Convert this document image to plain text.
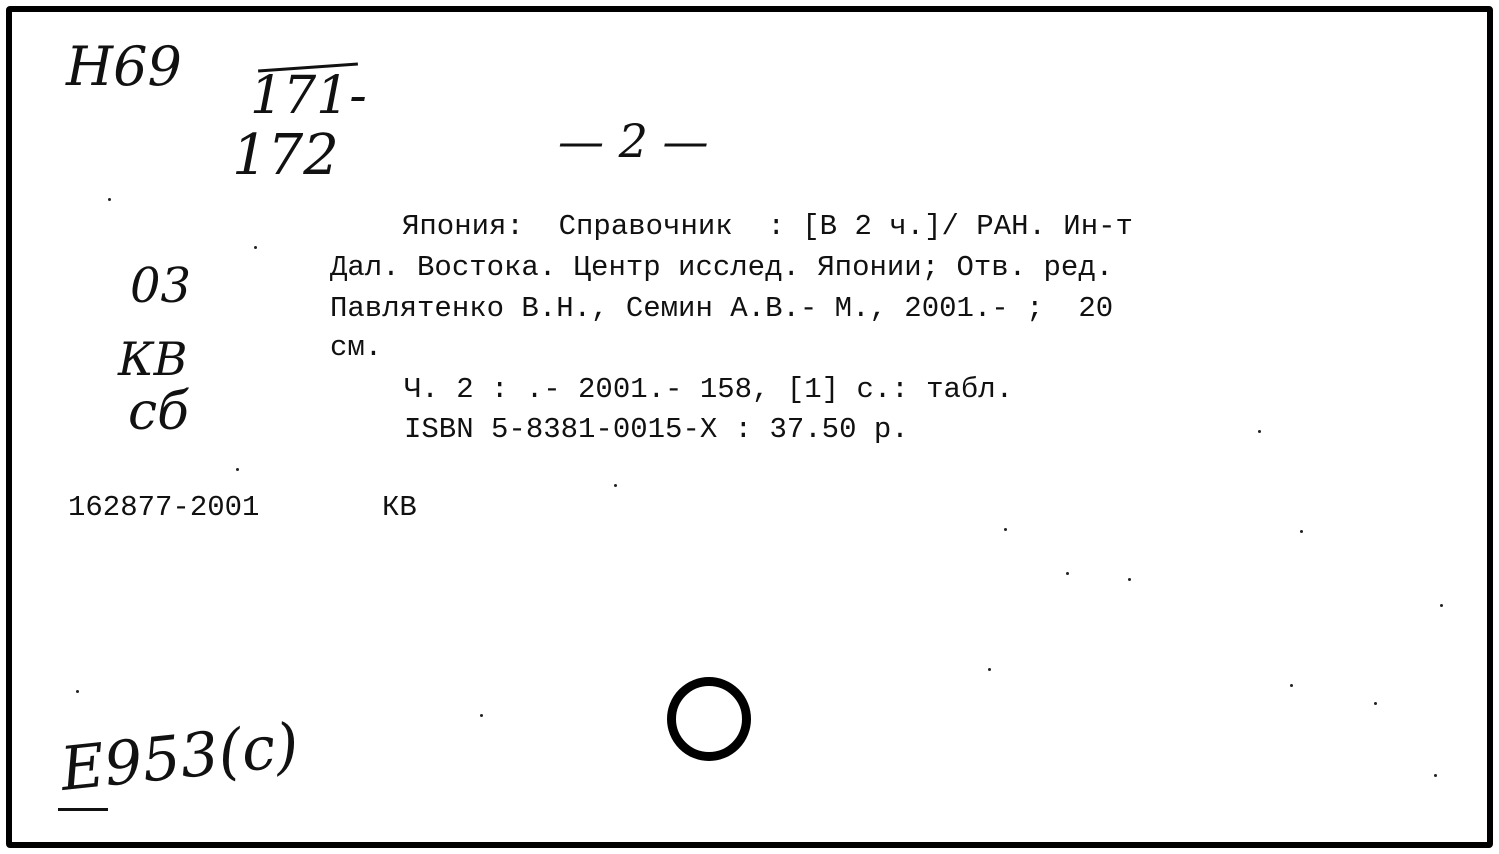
H69 171-
172	— 2 —
03
КВ
сб
Япония:  Справочник  : [В 2 ч.]/ РАН. Ин-т
Дал. Востока. Центр исслед. Японии; Отв. ред.
Павлятенко В.Н., Семин А.В.- М., 2001.- ;  20
см.
Ч. 2 : .- 2001.- 158, [1] с.: табл.
ISBN 5-8381-0015-X : 37.50 р.
162877-2001	КВ
E953(c)
